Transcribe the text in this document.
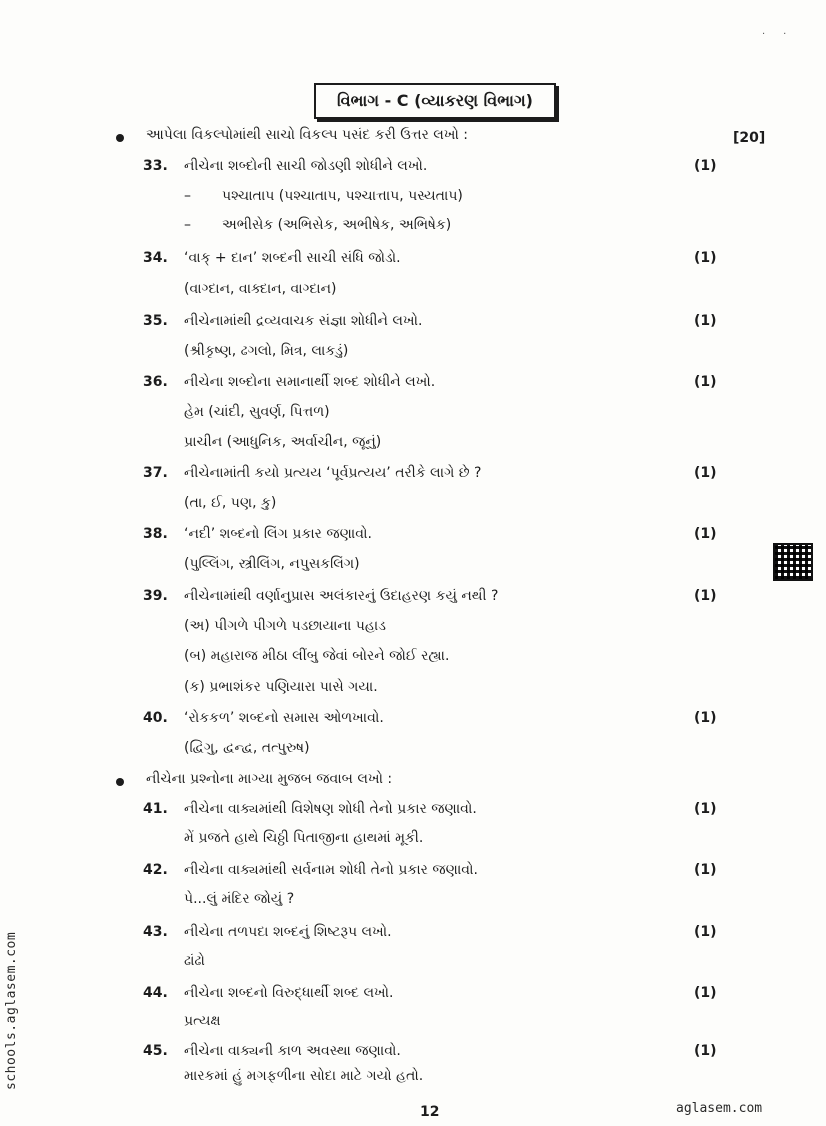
..
વિભાગ - C (વ્યાકરણ વિભાગ)
આપેલા વિકલ્પોમાંથી સાચો વિકલ્પ પસંદ કરી ઉત્તર લખો :	[20]
33. નીચેના શબ્દોની સાચી જોડણી શોધીને લખો.	(1)
– પશ્ચાતાપ (પશ્ચાતાપ, પશ્ચાત્તાપ, પસ્યતાપ)
– અભીસેક (અભિસેક, અભીષેક, અભિષેક)
34. ‘વાક્ + દાન’ શબ્દની સાચી સંધિ જોડો.	(1)
(વાગ્દાન, વાક્દાન, વાગ્દાન)
35. નીચેનામાંથી દ્રવ્યવાચક સંજ્ઞા શોધીને લખો.	(1)
(શ્રીકૃષ્ણ, ઢગલો, મિત્ર, લાકડું)
36. નીચેના શબ્દોના સમાનાર્થી શબ્દ શોધીને લખો.	(1)
હેમ (ચાંદી, સુવર્ણ, પિત્તળ)
પ્રાચીન (આધુનિક, અર્વાચીન, જૂનું)
37. નીચેનામાંતી કયો પ્રત્યય ‘પૂર્વપ્રત્યય’ તરીકે લાગે છે ?	(1)
(તા, ઈ, પણ, કુ)
38. ‘નદી’ શબ્દનો લિંગ પ્રકાર જણાવો.	(1)
(પુલ્લિંગ, સ્ત્રીલિંગ, નપુસકલિંગ)
39. નીચેનામાંથી વર્ણાનુપ્રાસ અલંકારનું ઉદાહરણ કયું નથી ?	(1)
(અ) પીગળે પીગળે પડછાયાના પહાડ
(બ) મહારાજ મીઠા લીંબુ જેવાં બોરને જોઈ રહ્યા.
(ક) પ્રભાશંકર પણિયારા પાસે ગયા.
40. ‘રોકકળ’ શબ્દનો સમાસ ઓળખાવો.	(1)
(દ્વિગુ, દ્વન્દ્વ, તત્પુરુષ)
41. નીચેના વાક્યમાંથી વિશેષણ શોધી તેનો પ્રકાર જણાવો.	(1)
મેં પ્રજતે હાથે ચિઠ્ઠી પિતાજીના હાથમાં મૂકી.
42. નીચેના વાક્યમાંથી સર્વનામ શોધી તેનો પ્રકાર જણાવો.	(1)
પે...લું મંદિર જોયું ?
43. નીચેના તળપદા શબ્દનું શિષ્ટરૂપ લખો.	(1)
ઢાંઢો
44. નીચેના શબ્દનો વિરુદ્ધાર્થી શબ્દ લખો.	(1)
પ્રત્યક્ષ
45. નીચેના વાક્યની કાળ અવસ્થા જણાવો.	(1)
મારકમાં હું મગફળીના સોદા માટે ગયો હતો.
નીચેના પ્રશ્નોના માગ્યા મુજબ જવાબ લખો :
12
schools.aglasem.com
aglasem.com
